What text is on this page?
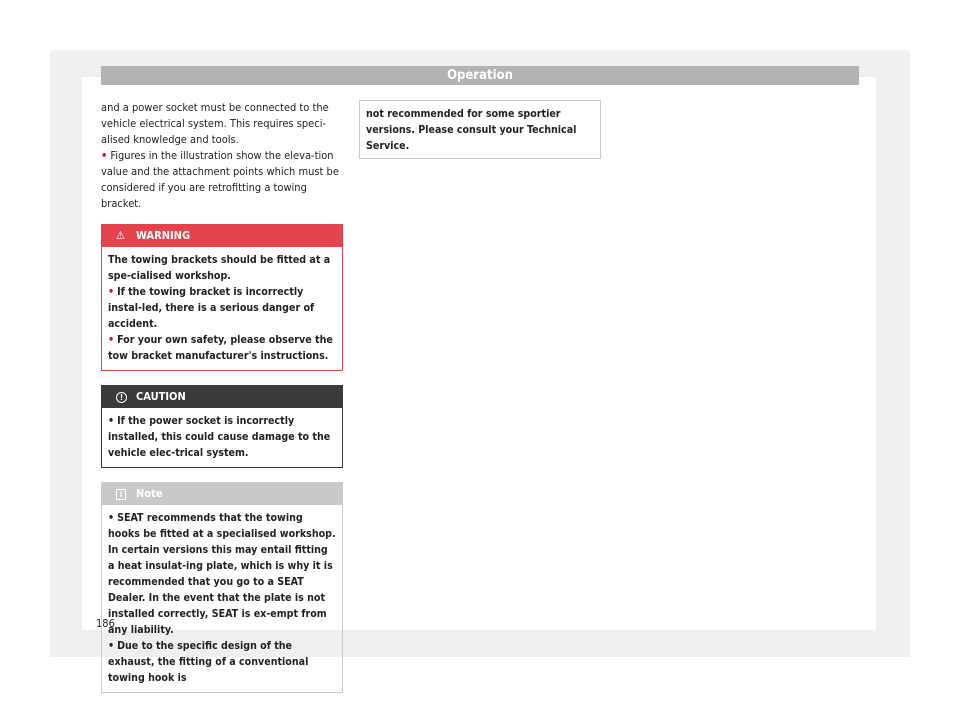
Operation

and a power socket must be connected to the vehicle electrical system. This requires speci-alised knowledge and tools.

• Figures in the illustration show the eleva-tion value and the attachment points which must be considered if you are retrofitting a towing bracket.

⚠ WARNING

The towing brackets should be fitted at a spe-cialised workshop.

• If the towing bracket is incorrectly instal-led, there is a serious danger of accident.

• For your own safety, please observe the tow bracket manufacturer's instructions.

!	CAUTION

• If the power socket is incorrectly installed, this could cause damage to the vehicle elec-trical system.

i	Note

• SEAT recommends that the towing hooks be fitted at a specialised workshop. In certain versions this may entail fitting a heat insulat-ing plate, which is why it is recommended that you go to a SEAT Dealer. In the event that the plate is not installed correctly, SEAT is ex-empt from any liability.

• Due to the specific design of the exhaust, the fitting of a conventional towing hook is

not recommended for some sportier versions. Please consult your Technical Service.
186
